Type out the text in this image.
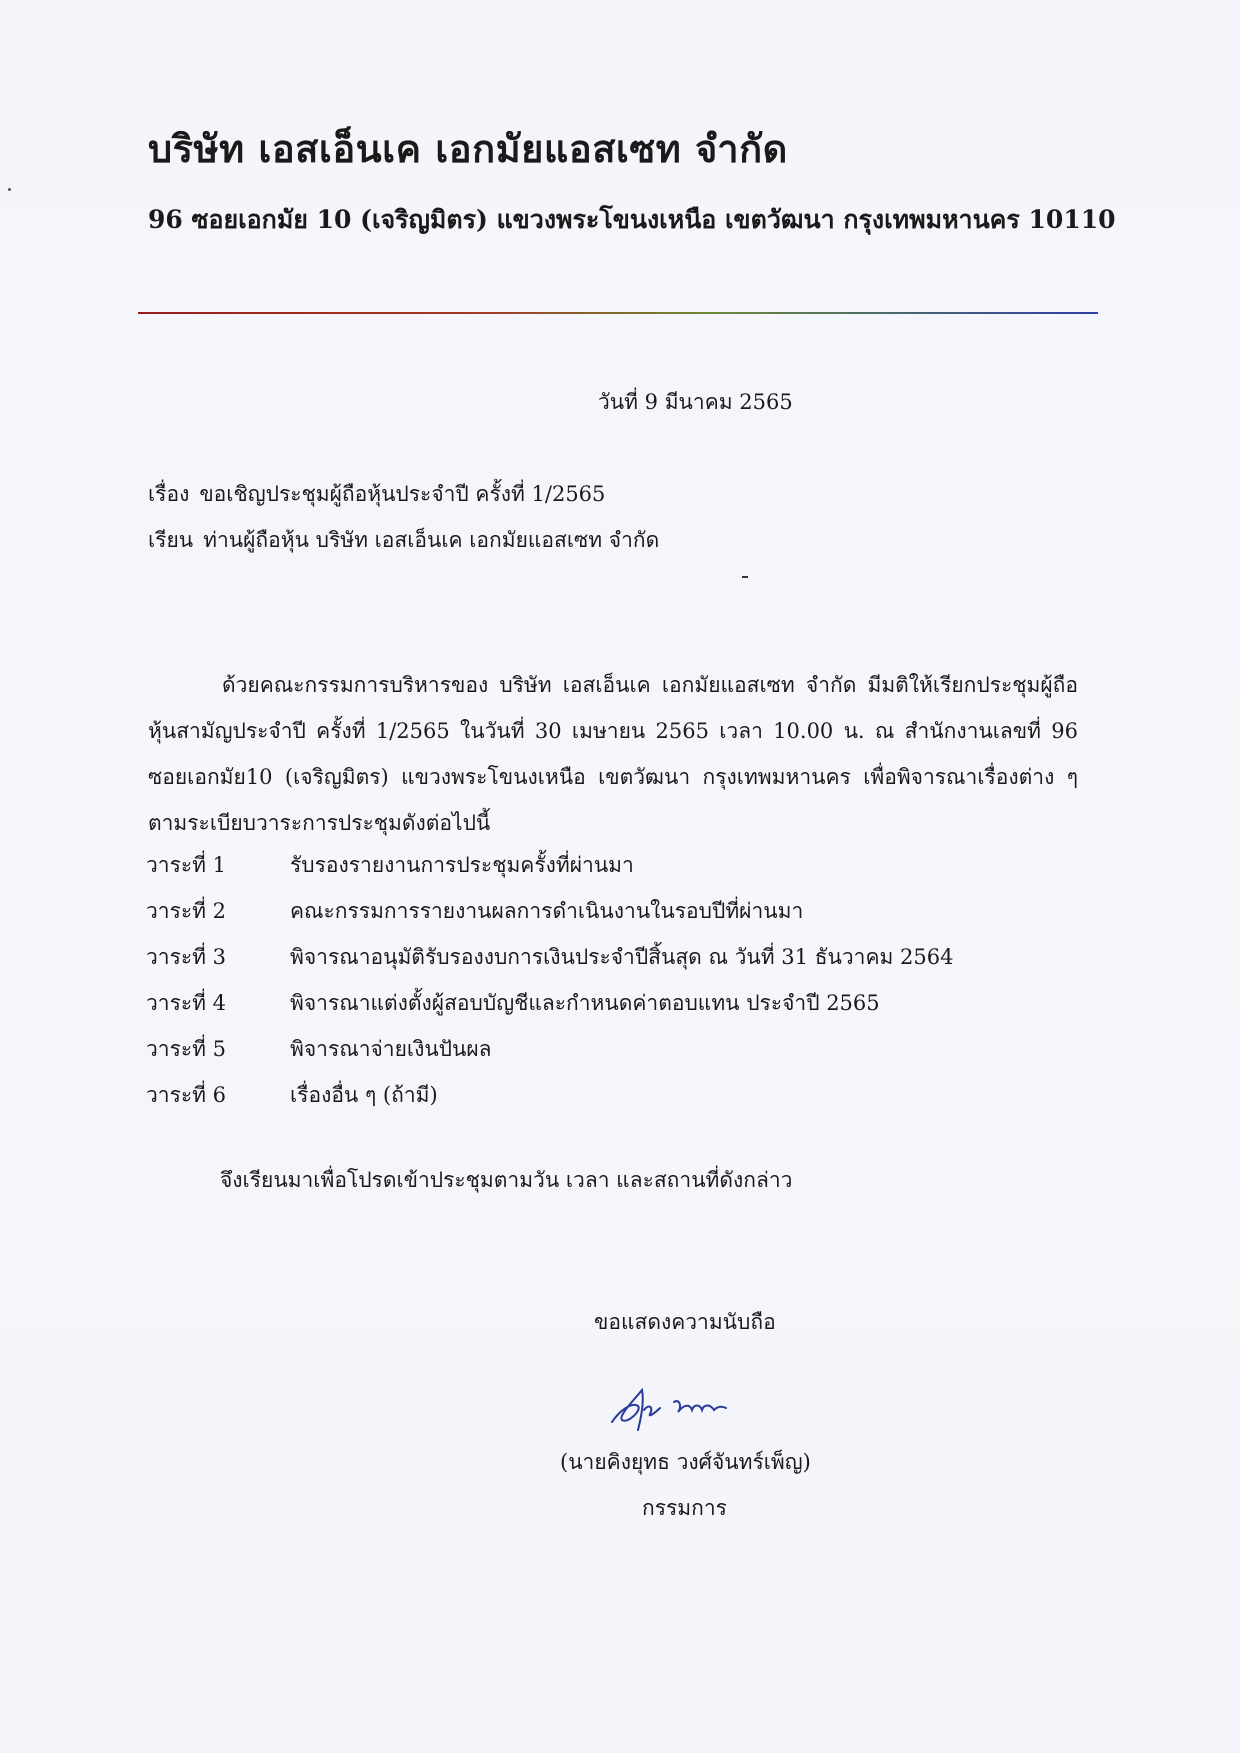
บริษัท เอสเอ็นเค เอกมัยแอสเซท จำกัด
96 ซอยเอกมัย 10 (เจริญมิตร) แขวงพระโขนงเหนือ เขตวัฒนา กรุงเทพมหานคร 10110
วันที่ 9 มีนาคม 2565
เรื่อง ขอเชิญประชุมผู้ถือหุ้นประจำปี ครั้งที่ 1/2565
เรียน ท่านผู้ถือหุ้น บริษัท เอสเอ็นเค เอกมัยแอสเซท จำกัด
ด้วยคณะกรรมการบริหารของ บริษัท เอสเอ็นเค เอกมัยแอสเซท จำกัด มีมติให้เรียกประชุมผู้ถือหุ้นสามัญประจำปี ครั้งที่ 1/2565 ในวันที่ 30 เมษายน 2565 เวลา 10.00 น. ณ สำนักงานเลขที่ 96 ซอยเอกมัย10 (เจริญมิตร) แขวงพระโขนงเหนือ เขตวัฒนา กรุงเทพมหานคร เพื่อพิจารณาเรื่องต่าง ๆ ตามระเบียบวาระการประชุมดังต่อไปนี้
วาระที่ 1	รับรองรายงานการประชุมครั้งที่ผ่านมา
วาระที่ 2	คณะกรรมการรายงานผลการดำเนินงานในรอบปีที่ผ่านมา
วาระที่ 3	พิจารณาอนุมัติรับรองงบการเงินประจำปีสิ้นสุด ณ วันที่ 31 ธันวาคม 2564
วาระที่ 4	พิจารณาแต่งตั้งผู้สอบบัญชีและกำหนดค่าตอบแทน ประจำปี 2565
วาระที่ 5	พิจารณาจ่ายเงินปันผล
วาระที่ 6	เรื่องอื่น ๆ (ถ้ามี)
จึงเรียนมาเพื่อโปรดเข้าประชุมตามวัน เวลา และสถานที่ดังกล่าว
ขอแสดงความนับถือ
(นายคิงยุทธ วงศ์จันทร์เพ็ญ)
กรรมการ
